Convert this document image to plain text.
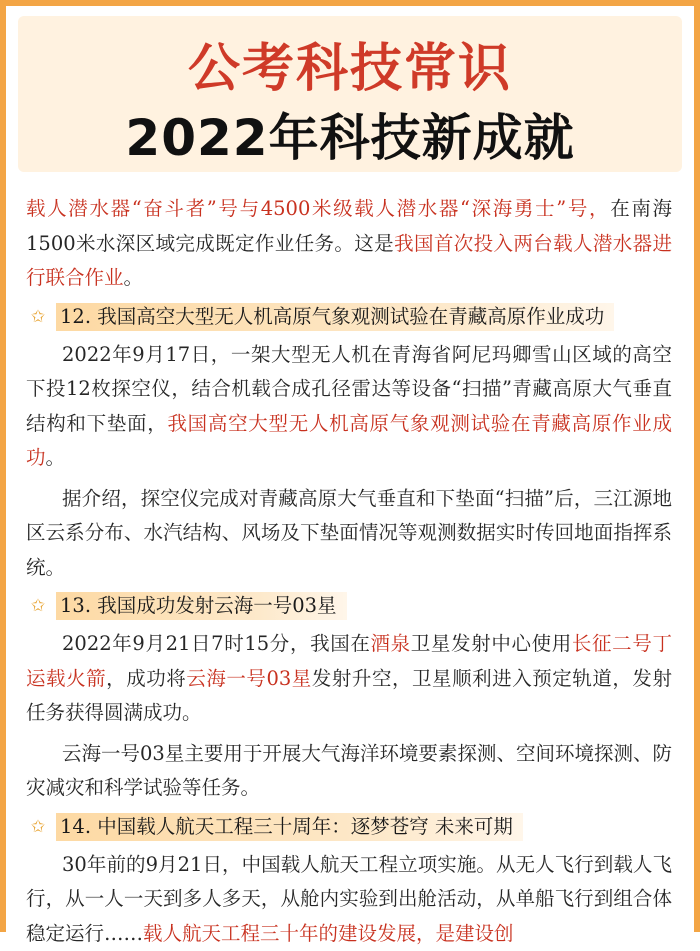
公考科技常识
2022年科技新成就

载人潜水器“奋斗者”号与4500米级载人潜水器“深海勇士”号，在南海1500米水深区域完成既定作业任务。这是我国首次投入两台载人潜水器进行联合作业。

✩ 12. 我国高空大型无人机高原气象观测试验在青藏高原作业成功

2022年9月17日，一架大型无人机在青海省阿尼玛卿雪山区域的高空下投12枚探空仪，结合机载合成孔径雷达等设备“扫描”青藏高原大气垂直结构和下垫面，我国高空大型无人机高原气象观测试验在青藏高原作业成功。

据介绍，探空仪完成对青藏高原大气垂直和下垫面“扫描”后，三江源地区云系分布、水汽结构、风场及下垫面情况等观测数据实时传回地面指挥系统。

✩ 13. 我国成功发射云海一号03星

2022年9月21日7时15分，我国在酒泉卫星发射中心使用长征二号丁运载火箭，成功将云海一号03星发射升空，卫星顺利进入预定轨道，发射任务获得圆满成功。

云海一号03星主要用于开展大气海洋环境要素探测、空间环境探测、防灾减灾和科学试验等任务。

✩ 14. 中国载人航天工程三十周年：逐梦苍穹 未来可期

30年前的9月21日，中国载人航天工程立项实施。从无人飞行到载人飞行，从一人一天到多人多天，从舱内实验到出舱活动，从单船飞行到组合体稳定运行……载人航天工程三十年的建设发展，是建设创
